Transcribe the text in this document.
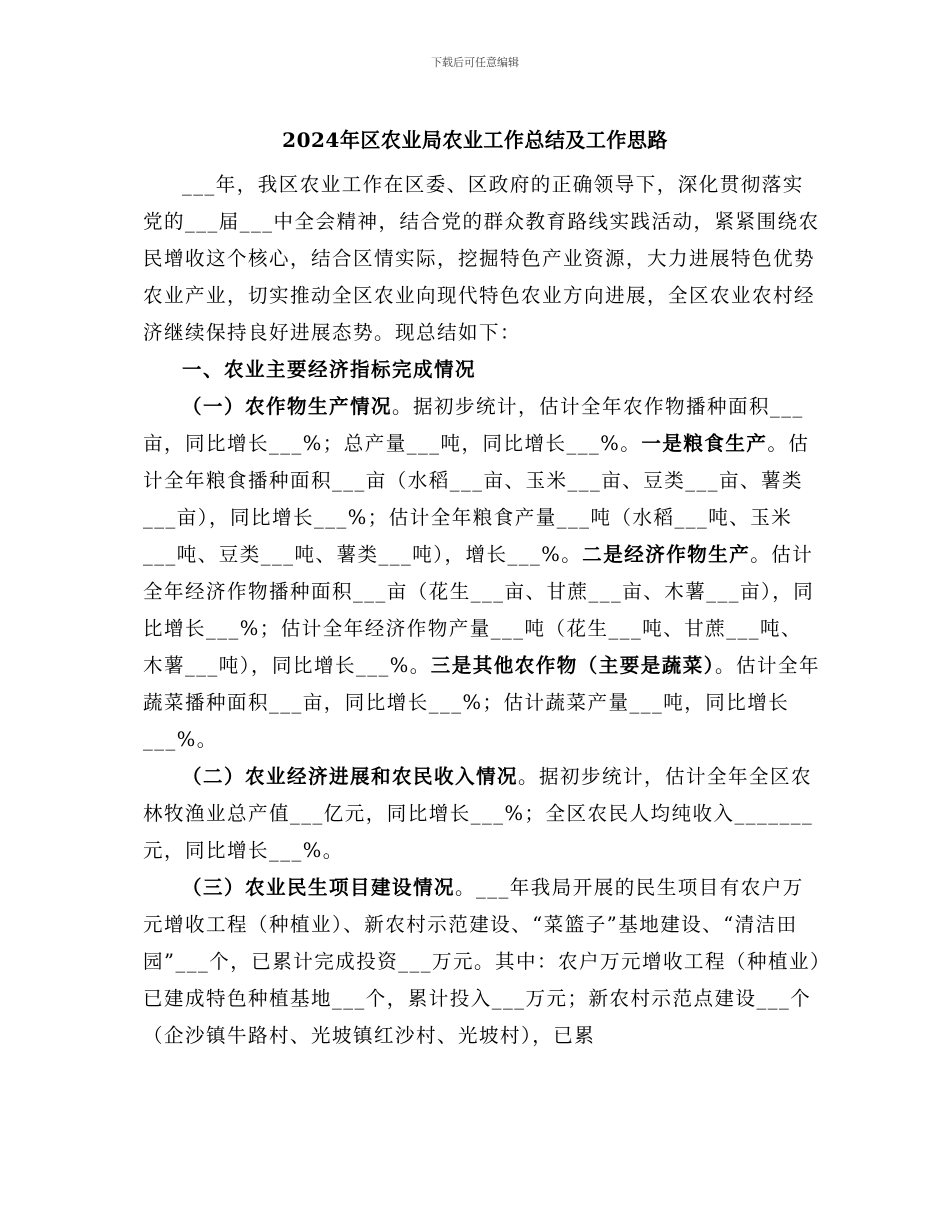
下载后可任意编辑
2024年区农业局农业工作总结及工作思路

___年，我区农业工作在区委、区政府的正确领导下，深化贯彻落实党的___届___中全会精神，结合党的群众教育路线实践活动，紧紧围绕农民增收这个核心，结合区情实际，挖掘特色产业资源，大力进展特色优势农业产业，切实推动全区农业向现代特色农业方向进展，全区农业农村经济继续保持良好进展态势。现总结如下：

一、农业主要经济指标完成情况

（一）农作物生产情况。据初步统计，估计全年农作物播种面积___亩，同比增长___%；总产量___吨，同比增长___%。一是粮食生产。估计全年粮食播种面积___亩（水稻___亩、玉米___亩、豆类___亩、薯类___亩），同比增长___%；估计全年粮食产量___吨（水稻___吨、玉米___吨、豆类___吨、薯类___吨），增长___%。二是经济作物生产。估计全年经济作物播种面积___亩（花生___亩、甘蔗___亩、木薯___亩），同比增长___%；估计全年经济作物产量___吨（花生___吨、甘蔗___吨、木薯___吨），同比增长___%。三是其他农作物（主要是蔬菜）。估计全年蔬菜播种面积___亩，同比增长___%；估计蔬菜产量___吨，同比增长___%。

（二）农业经济进展和农民收入情况。据初步统计，估计全年全区农林牧渔业总产值___亿元，同比增长___%；全区农民人均纯收入_______元，同比增长___%。

（三）农业民生项目建设情况。___年我局开展的民生项目有农户万元增收工程（种植业）、新农村示范建设、“菜篮子”基地建设、“清洁田园”___个，已累计完成投资___万元。其中：农户万元增收工程（种植业）已建成特色种植基地___个，累计投入___万元；新农村示范点建设___个（企沙镇牛路村、光坡镇红沙村、光坡村），已累
